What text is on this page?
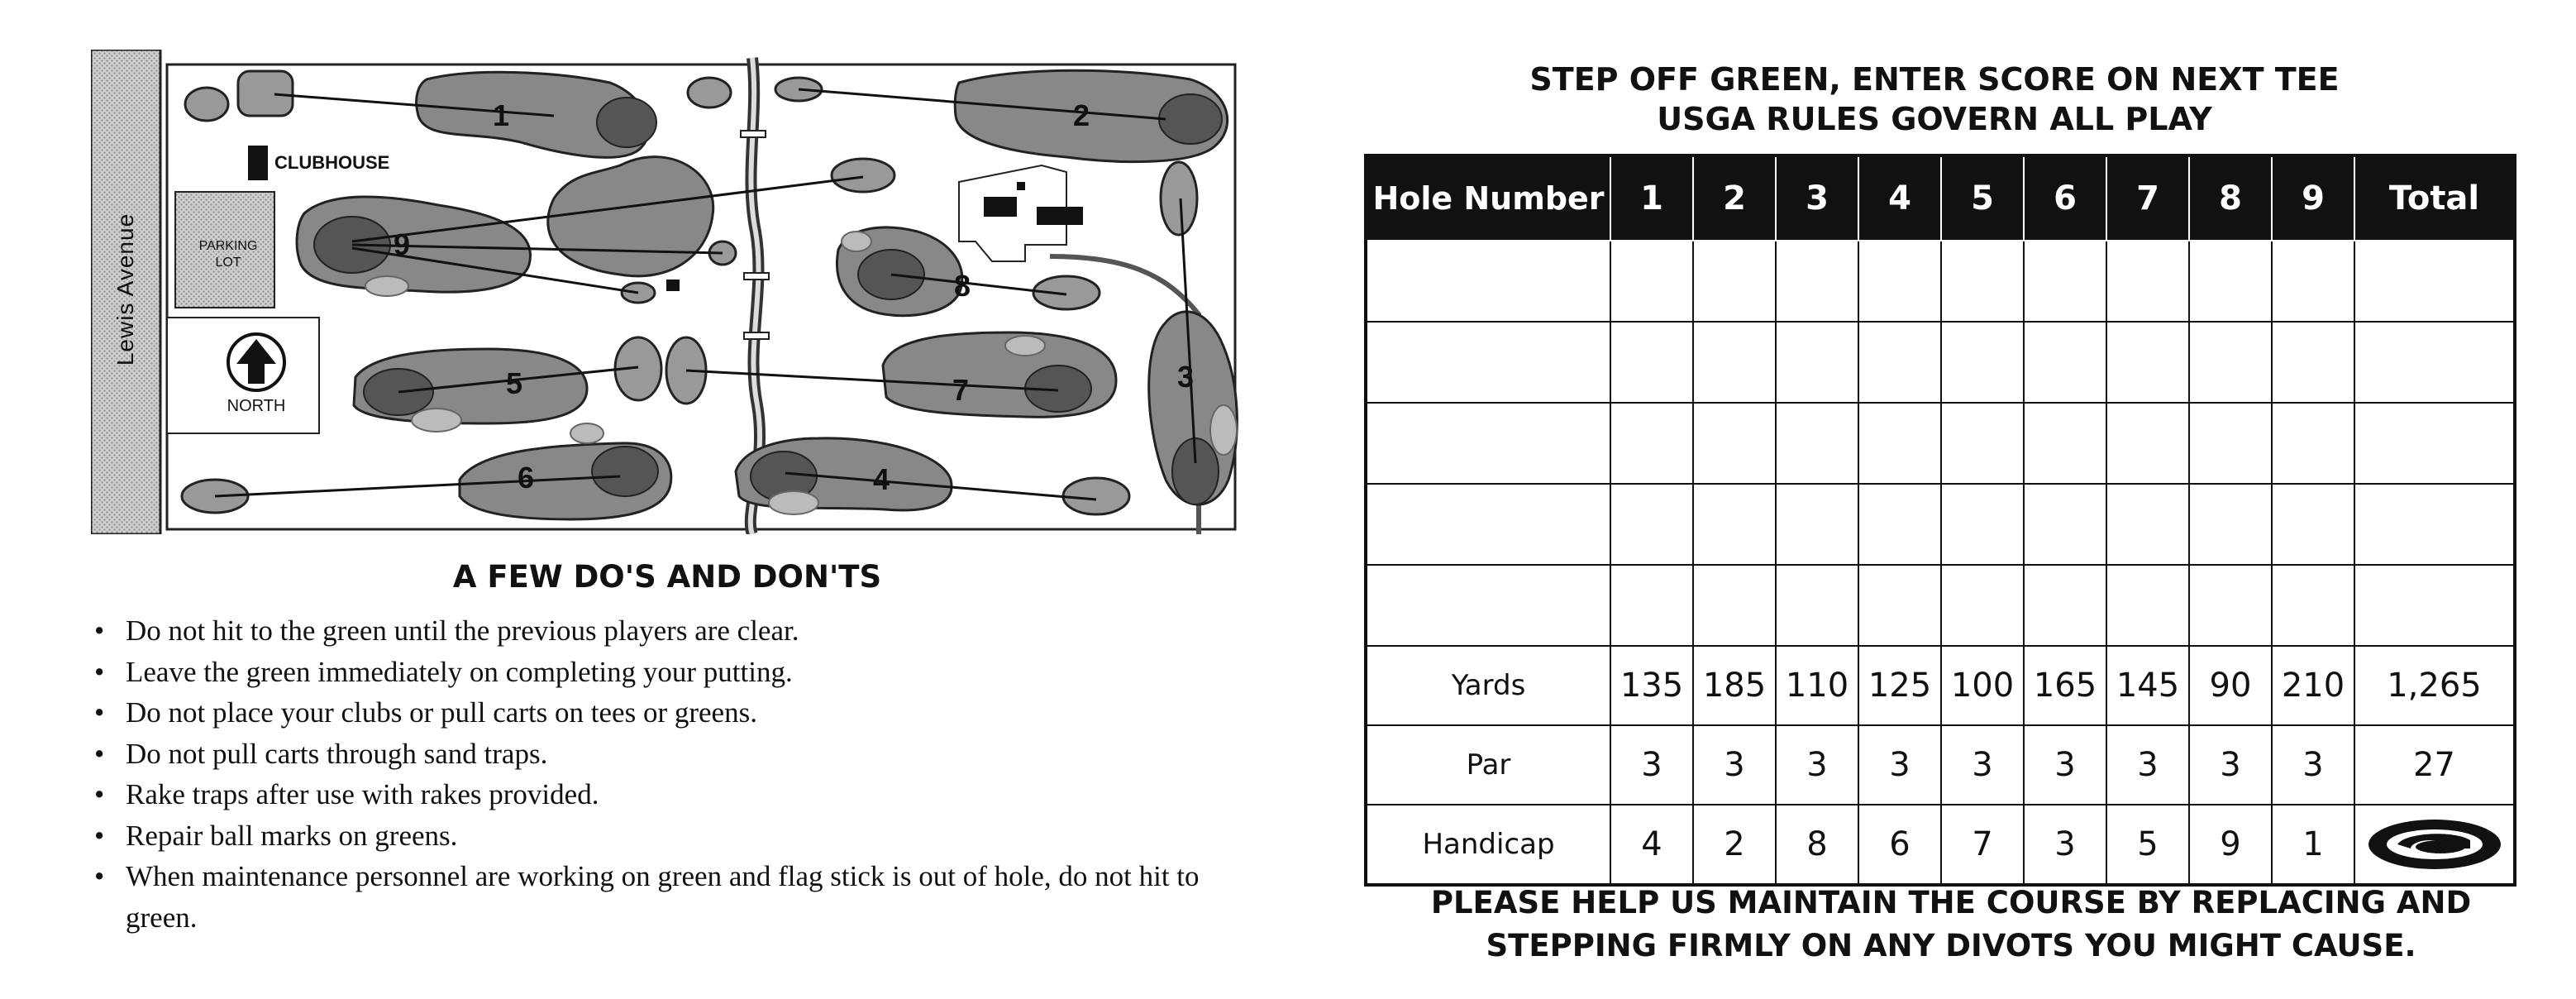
Lewis Avenue
CLUBHOUSE
PARKING
LOT
NORTH
1	2
3
4
5
6
7
8
9
A FEW DO'S AND DON'TS
• Do not hit to the green until the previous players are clear.
• Leave the green immediately on completing your putting.
• Do not place your clubs or pull carts on tees or greens.
• Do not pull carts through sand traps.
• Rake traps after use with rakes provided.
• Repair ball marks on greens.
• When maintenance personnel are working on green and flag stick is out of hole, do not hit to green.
STEP OFF GREEN, ENTER SCORE ON NEXT TEE
USGA RULES GOVERN ALL PLAY
Hole Number	1	2	3	4	5	6	7	8	9	Total

Yards	135	185	110	125	100	165	145	90	210	1,265
Par	3	3	3	3	3	3	3	3	3	27
Handicap	4	2	8	6	7	3	5	9	1	
PLEASE HELP US MAINTAIN THE COURSE BY REPLACING AND
STEPPING FIRMLY ON ANY DIVOTS YOU MIGHT CAUSE.
